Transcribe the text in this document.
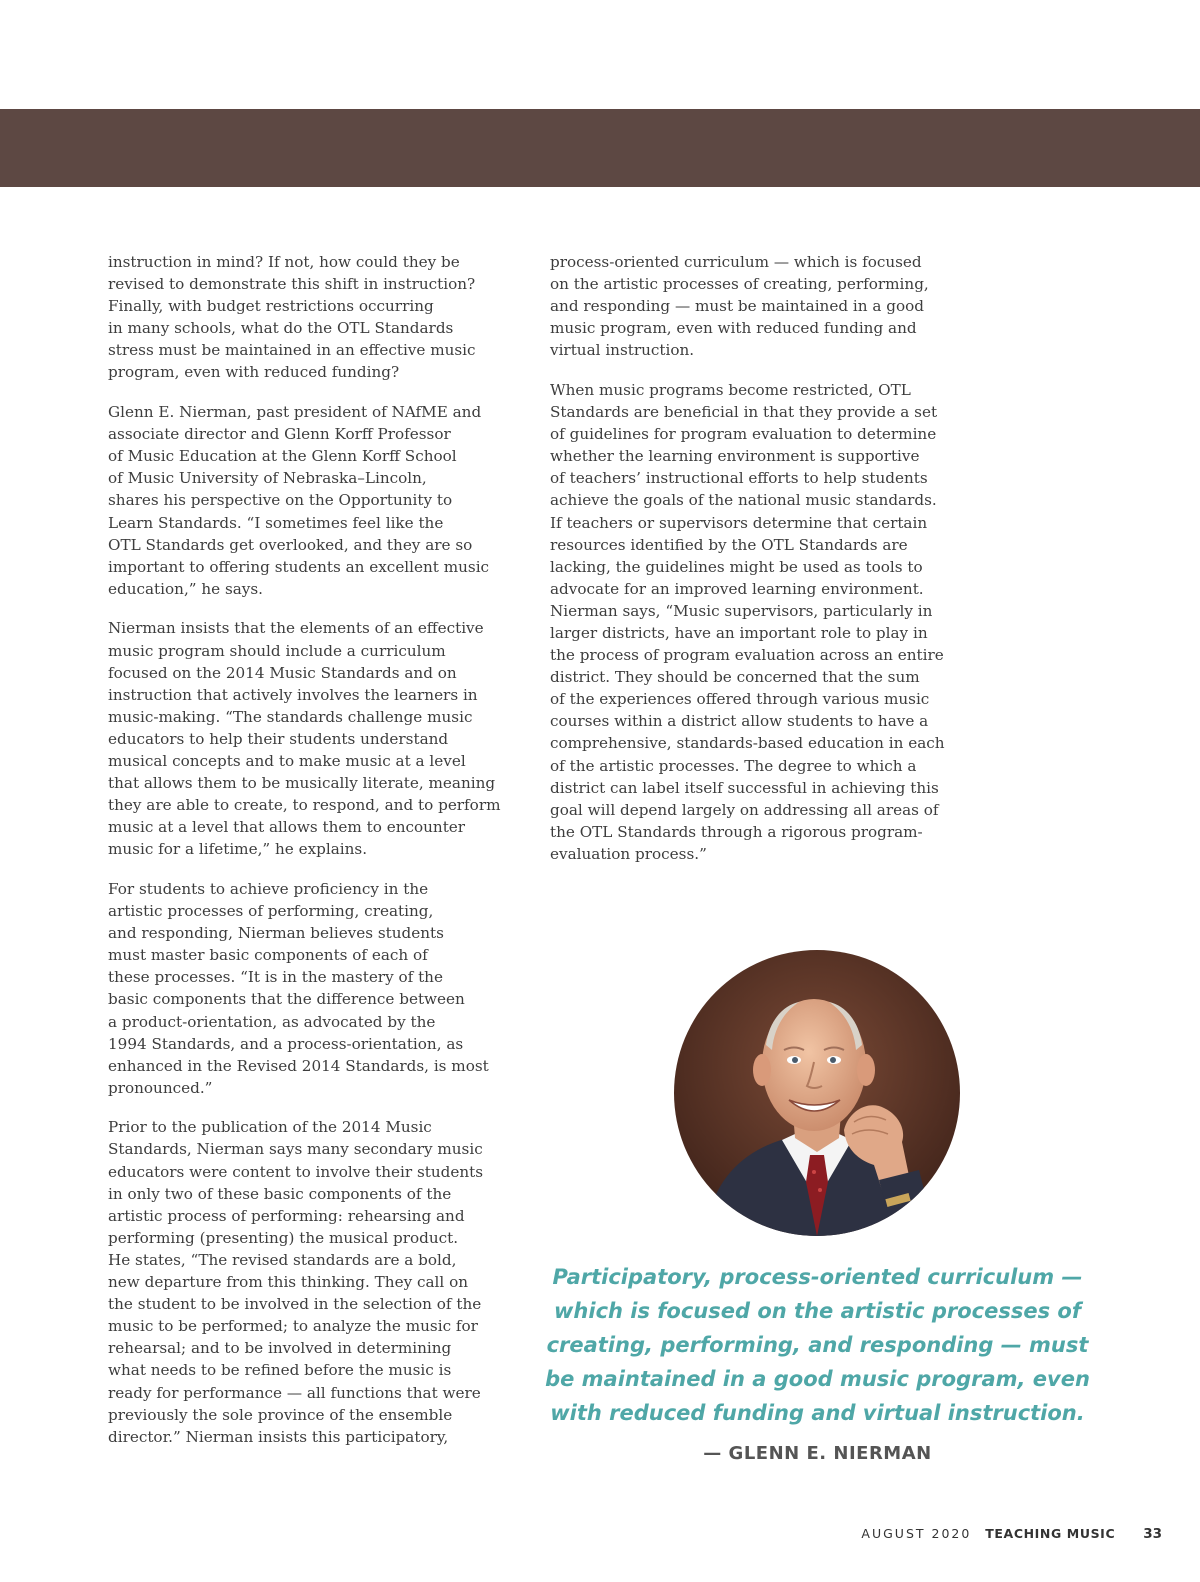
instruction in mind? If not, how could they be
revised to demonstrate this shift in instruction?
Finally, with budget restrictions occurring
in many schools, what do the OTL Standards
stress must be maintained in an effective music
program, even with reduced funding?

Glenn E. Nierman, past president of NAfME and
associate director and Glenn Korff Professor
of Music Education at the Glenn Korff School
of Music University of Nebraska–Lincoln,
shares his perspective on the Opportunity to
Learn Standards. “I sometimes feel like the
OTL Standards get overlooked, and they are so
important to offering students an excellent music
education,” he says.

Nierman insists that the elements of an effective
music program should include a curriculum
focused on the 2014 Music Standards and on
instruction that actively involves the learners in
music-making. “The standards challenge music
educators to help their students understand
musical concepts and to make music at a level
that allows them to be musically literate, meaning
they are able to create, to respond, and to perform
music at a level that allows them to encounter
music for a lifetime,” he explains.

For students to achieve proficiency in the
artistic processes of performing, creating,
and responding, Nierman believes students
must master basic components of each of
these processes. “It is in the mastery of the
basic components that the difference between
a product-orientation, as advocated by the
1994 Standards, and a process-orientation, as
enhanced in the Revised 2014 Standards, is most
pronounced.”

Prior to the publication of the 2014 Music
Standards, Nierman says many secondary music
educators were content to involve their students
in only two of these basic components of the
artistic process of performing: rehearsing and
performing (presenting) the musical product.
He states, “The revised standards are a bold,
new departure from this thinking. They call on
the student to be involved in the selection of the
music to be performed; to analyze the music for
rehearsal; and to be involved in determining
what needs to be refined before the music is
ready for performance — all functions that were
previously the sole province of the ensemble
director.” Nierman insists this participatory,

process-oriented curriculum — which is focused
on the artistic processes of creating, performing,
and responding — must be maintained in a good
music program, even with reduced funding and
virtual instruction.

When music programs become restricted, OTL
Standards are beneficial in that they provide a set
of guidelines for program evaluation to determine
whether the learning environment is supportive
of teachers’ instructional efforts to help students
achieve the goals of the national music standards.
If teachers or supervisors determine that certain
resources identified by the OTL Standards are
lacking, the guidelines might be used as tools to
advocate for an improved learning environment.
Nierman says, “Music supervisors, particularly in
larger districts, have an important role to play in
the process of program evaluation across an entire
district. They should be concerned that the sum
of the experiences offered through various music
courses within a district allow students to have a
comprehensive, standards-based education in each
of the artistic processes. The degree to which a
district can label itself successful in achieving this
goal will depend largely on addressing all areas of
the OTL Standards through a rigorous program-
evaluation process.”

Participatory, process-oriented curriculum —
which is focused on the artistic processes of
creating, performing, and responding — must
be maintained in a good music program, even
with reduced funding and virtual instruction.
— GLENN E. NIERMAN
AUGUST 2020 TEACHING MUSIC 33
